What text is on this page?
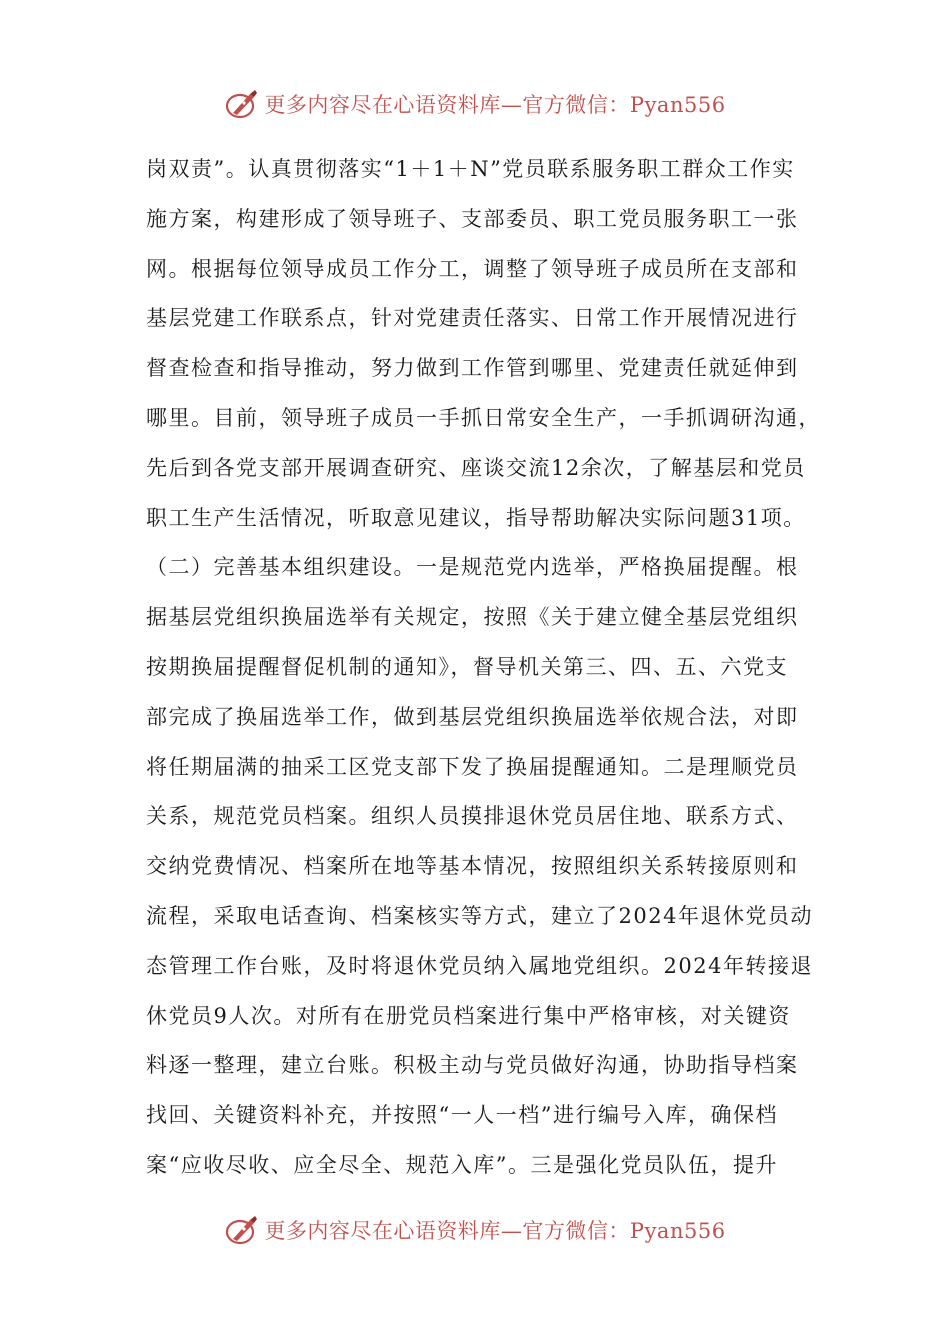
更多内容尽在心语资料库—官方微信：Pyan556
岗双责”。认真贯彻落实“1＋1＋N”党员联系服务职工群众工作实
施方案，构建形成了领导班子、支部委员、职工党员服务职工一张
网。根据每位领导成员工作分工，调整了领导班子成员所在支部和
基层党建工作联系点，针对党建责任落实、日常工作开展情况进行
督查检查和指导推动，努力做到工作管到哪里、党建责任就延伸到
哪里。目前，领导班子成员一手抓日常安全生产，一手抓调研沟通，
先后到各党支部开展调查研究、座谈交流12余次，了解基层和党员
职工生产生活情况，听取意见建议，指导帮助解决实际问题31项。
（二）完善基本组织建设。一是规范党内选举，严格换届提醒。根
据基层党组织换届选举有关规定，按照《关于建立健全基层党组织
按期换届提醒督促机制的通知》，督导机关第三、四、五、六党支
部完成了换届选举工作，做到基层党组织换届选举依规合法，对即
将任期届满的抽采工区党支部下发了换届提醒通知。二是理顺党员
关系，规范党员档案。组织人员摸排退休党员居住地、联系方式、
交纳党费情况、档案所在地等基本情况，按照组织关系转接原则和
流程，采取电话查询、档案核实等方式，建立了2024年退休党员动
态管理工作台账，及时将退休党员纳入属地党组织。2024年转接退
休党员9人次。对所有在册党员档案进行集中严格审核，对关键资
料逐一整理，建立台账。积极主动与党员做好沟通，协助指导档案
找回、关键资料补充，并按照“一人一档”进行编号入库，确保档
案“应收尽收、应全尽全、规范入库”。三是强化党员队伍，提升
更多内容尽在心语资料库—官方微信：Pyan556
